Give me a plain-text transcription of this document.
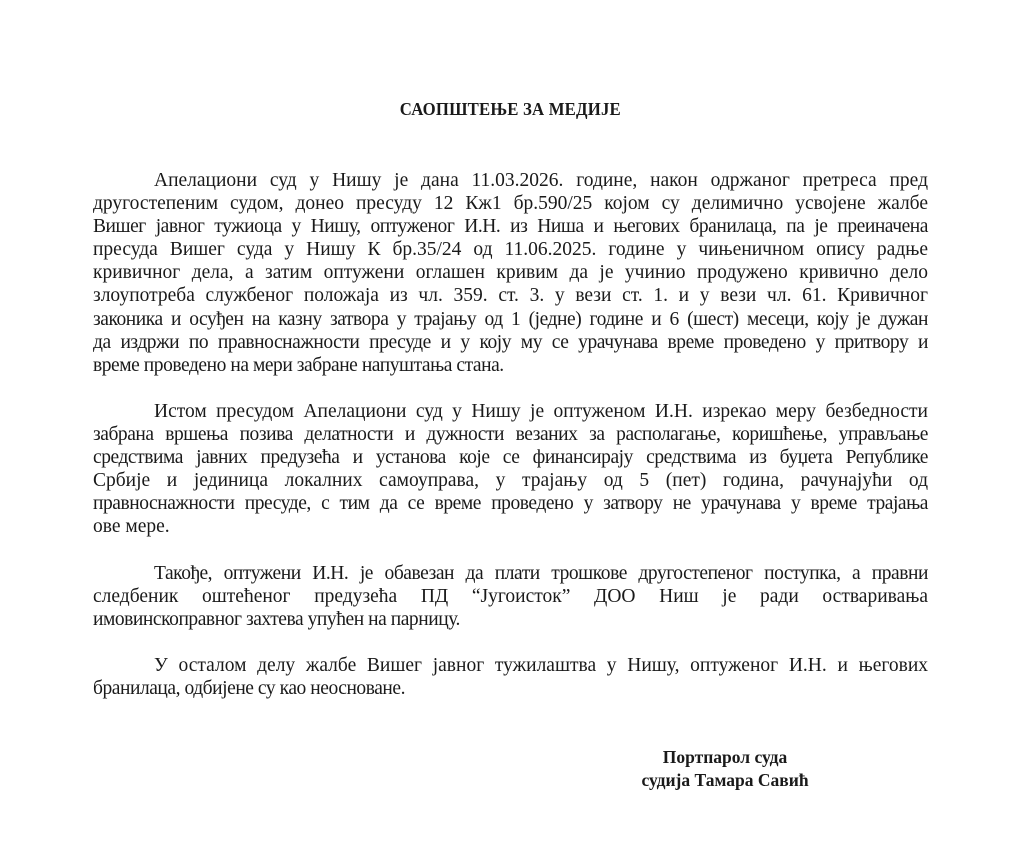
САОПШТЕЊЕ ЗА МЕДИЈЕ
Апелациони суд у Нишу је дана 11.03.2026. године, након одржаног претреса пред
другостепеним судом, донео пресуду 12 Кж1 бр.590/25 којом су делимично усвојене жалбе
Вишег јавног тужиоца у Нишу, оптуженог И.Н. из Ниша и његових бранилаца, па је преиначена
пресуда Вишег суда у Нишу К бр.35/24 од 11.06.2025. године у чињеничном опису радње
кривичног дела, а затим оптужени оглашен кривим да је учинио продужено кривично дело
злоупотреба службеног положаја из чл. 359. ст. 3. у вези ст. 1. и у вези чл. 61. Кривичног
законика и осуђен на казну затвора у трајању од 1 (једне) године и 6 (шест) месеци, коју је дужан
да издржи по правноснажности пресуде и у коју му се урачунава време проведено у притвору и
време проведено на мери забране напуштања стана.
Истом пресудом Апелациони суд у Нишу је оптуженом И.Н. изрекао меру безбедности
забрана вршења позива делатности и дужности везаних за располагање, коришћење, управљање
средствима јавних предузећа и установа које се финансирају средствима из буџета Републике
Србије и јединица локалних самоуправа, у трајању од 5 (пет) година, рачунајући од
правноснажности пресуде, с тим да се време проведено у затвору не урачунава у време трајања
ове мере.
Такође, оптужени И.Н. је обавезан да плати трошкове другостепеног поступка, а правни
следбеник оштећеног предузећа ПД “Југоисток” ДОО Ниш је ради остваривања
имовинскоправног захтева упућен на парницу.
У осталом делу жалбе Вишег јавног тужилаштва у Нишу, оптуженог И.Н. и његових
бранилаца, одбијене су као неосноване.
Портпарол суда
судија Тамара Савић
